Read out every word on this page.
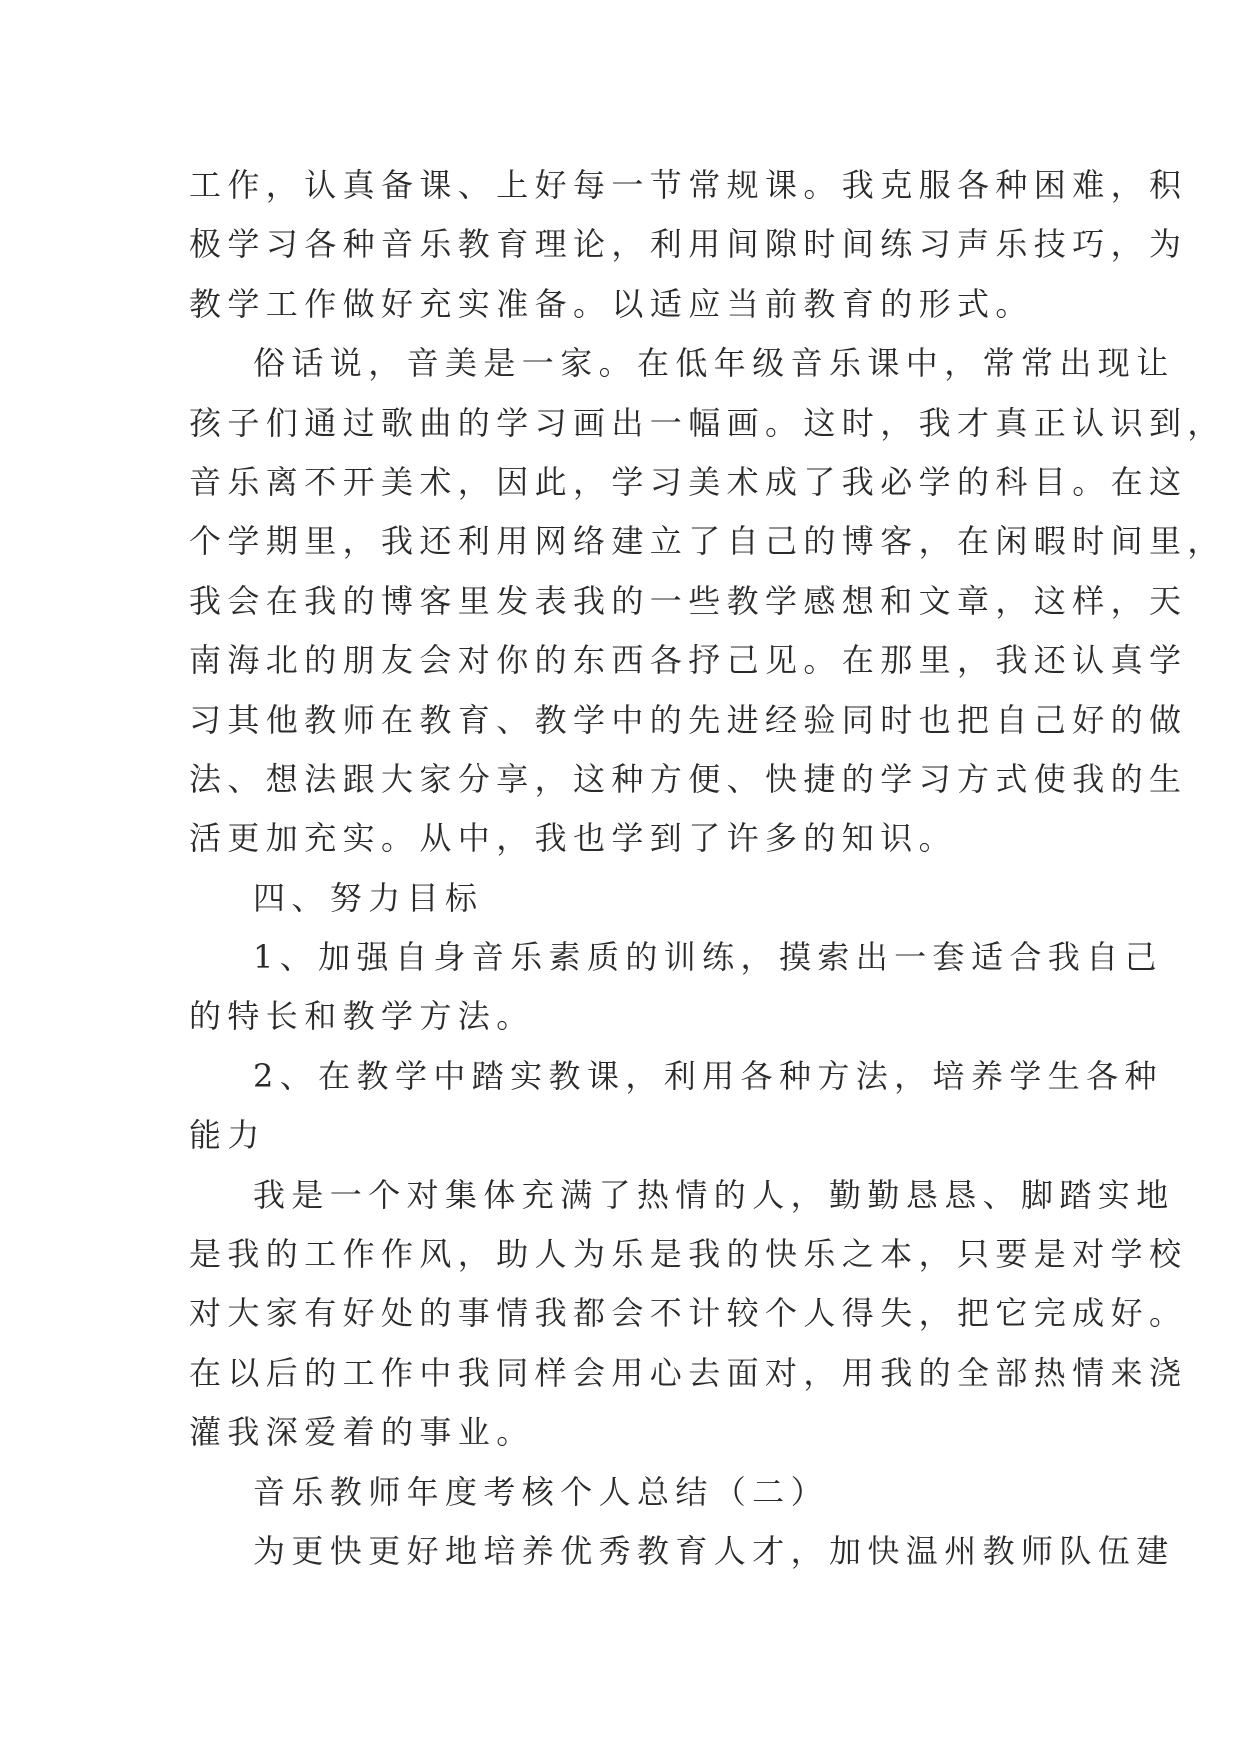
工作，认真备课、上好每一节常规课。我克服各种困难，积
极学习各种音乐教育理论，利用间隙时间练习声乐技巧，为
教学工作做好充实准备。以适应当前教育的形式。
俗话说，音美是一家。在低年级音乐课中，常常出现让
孩子们通过歌曲的学习画出一幅画。这时，我才真正认识到，
音乐离不开美术，因此，学习美术成了我必学的科目。在这
个学期里，我还利用网络建立了自己的博客，在闲暇时间里，
我会在我的博客里发表我的一些教学感想和文章，这样，天
南海北的朋友会对你的东西各抒己见。在那里，我还认真学
习其他教师在教育、教学中的先进经验同时也把自己好的做
法、想法跟大家分享，这种方便、快捷的学习方式使我的生
活更加充实。从中，我也学到了许多的知识。
四、努力目标
1、加强自身音乐素质的训练，摸索出一套适合我自己
的特长和教学方法。
2、在教学中踏实教课，利用各种方法，培养学生各种
能力
我是一个对集体充满了热情的人，勤勤恳恳、脚踏实地
是我的工作作风，助人为乐是我的快乐之本，只要是对学校
对大家有好处的事情我都会不计较个人得失，把它完成好。
在以后的工作中我同样会用心去面对，用我的全部热情来浇
灌我深爱着的事业。
音乐教师年度考核个人总结（二）
为更快更好地培养优秀教育人才，加快温州教师队伍建
